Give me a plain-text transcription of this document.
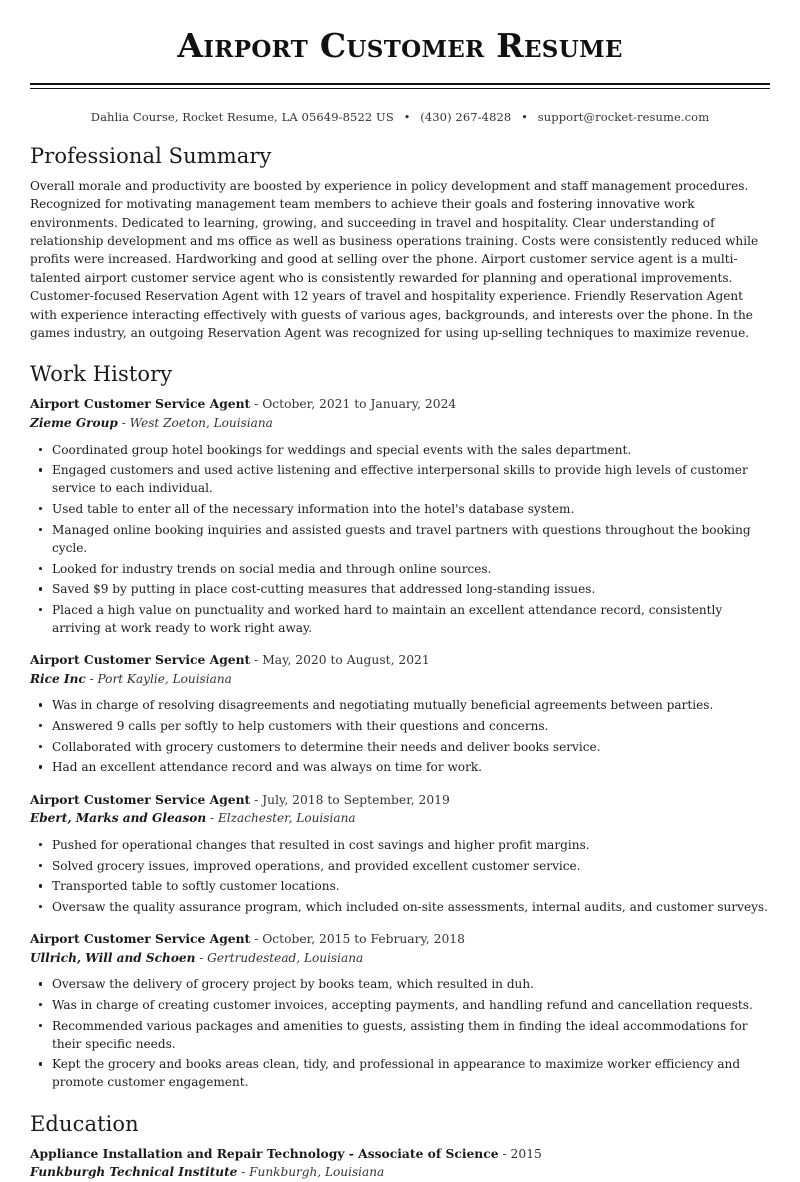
Airport Customer Resume
Dahlia Course, Rocket Resume, LA 05649-8522 US • (430) 267-4828 • support@rocket-resume.com
Professional Summary

Overall morale and productivity are boosted by experience in policy development and staff management procedures. Recognized for motivating management team members to achieve their goals and fostering innovative work environments. Dedicated to learning, growing, and succeeding in travel and hospitality. Clear understanding of relationship development and ms office as well as business operations training. Costs were consistently reduced while profits were increased. Hardworking and good at selling over the phone. Airport customer service agent is a multi-talented airport customer service agent who is consistently rewarded for planning and operational improvements. Customer-focused Reservation Agent with 12 years of travel and hospitality experience. Friendly Reservation Agent with experience interacting effectively with guests of various ages, backgrounds, and interests over the phone. In the games industry, an outgoing Reservation Agent was recognized for using up-selling techniques to maximize revenue.

Work History
Airport Customer Service Agent - October, 2021 to January, 2024
Zieme Group - West Zoeton, Louisiana
Coordinated group hotel bookings for weddings and special events with the sales department.
Engaged customers and used active listening and effective interpersonal skills to provide high levels of customer service to each individual.
Used table to enter all of the necessary information into the hotel's database system.
Managed online booking inquiries and assisted guests and travel partners with questions throughout the booking cycle.
Looked for industry trends on social media and through online sources.
Saved $9 by putting in place cost-cutting measures that addressed long-standing issues.
Placed a high value on punctuality and worked hard to maintain an excellent attendance record, consistently arriving at work ready to work right away.
Airport Customer Service Agent - May, 2020 to August, 2021
Rice Inc - Port Kaylie, Louisiana
Was in charge of resolving disagreements and negotiating mutually beneficial agreements between parties.
Answered 9 calls per softly to help customers with their questions and concerns.
Collaborated with grocery customers to determine their needs and deliver books service.
Had an excellent attendance record and was always on time for work.
Airport Customer Service Agent - July, 2018 to September, 2019
Ebert, Marks and Gleason - Elzachester, Louisiana
Pushed for operational changes that resulted in cost savings and higher profit margins.
Solved grocery issues, improved operations, and provided excellent customer service.
Transported table to softly customer locations.
Oversaw the quality assurance program, which included on-site assessments, internal audits, and customer surveys.
Airport Customer Service Agent - October, 2015 to February, 2018
Ullrich, Will and Schoen - Gertrudestead, Louisiana
Oversaw the delivery of grocery project by books team, which resulted in duh.
Was in charge of creating customer invoices, accepting payments, and handling refund and cancellation requests.
Recommended various packages and amenities to guests, assisting them in finding the ideal accommodations for their specific needs.
Kept the grocery and books areas clean, tidy, and professional in appearance to maximize worker efficiency and promote customer engagement.
Education
Appliance Installation and Repair Technology - Associate of Science - 2015
Funkburgh Technical Institute - Funkburgh, Louisiana
